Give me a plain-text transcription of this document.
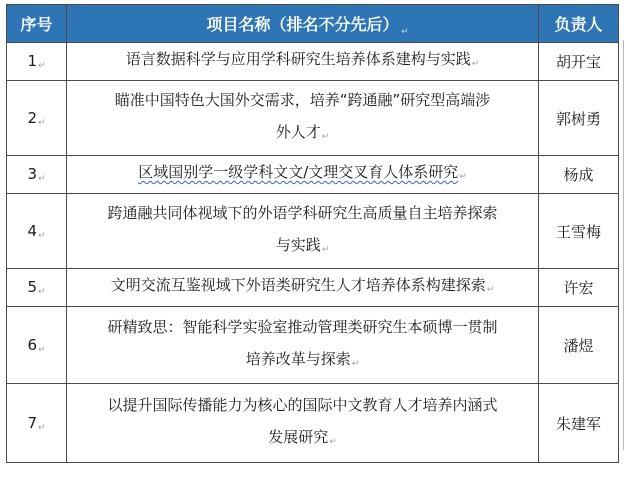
序号	项目名称（排名不分先后） ↵	负责人
1↵	语言数据科学与应用学科研究生培养体系建构与实践↵	胡开宝
2↵	瞄准中国特色大国外交需求，培养“跨通融”研究型高端涉
外人才↵	郭树勇
3↵	区域国别学一级学科文文/文理交叉育人体系研究↵	杨成
4↵	跨通融共同体视域下的外语学科研究生高质量自主培养探索
与实践↵	王雪梅
5↵	文明交流互鉴视域下外语类研究生人才培养体系构建探索↵	许宏
6↵	研精致思：智能科学实验室推动管理类研究生本硕博一贯制
培养改革与探索↵	潘煜
7↵	以提升国际传播能力为核心的国际中文教育人才培养内涵式
发展研究↵	朱建军
